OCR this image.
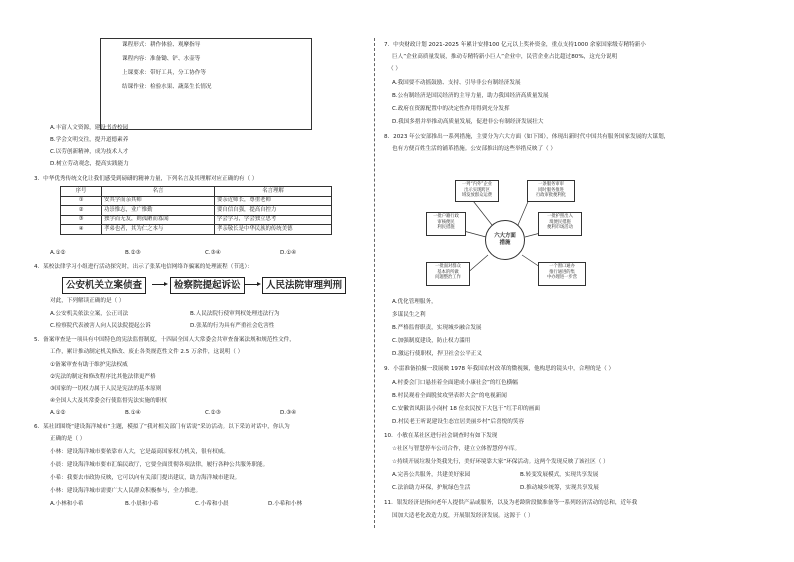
课程形式：耕作体验、观摩指导
课程内容：准备锄、铲、水壶等
上课要求：带好工具，分工协作等
结课作业：检验水果、蔬菜生长情况
A.丰富人文资源，建设书香校园
B.学会文明交往，提升道德素养
C.以劳创新精神，成为技术人才
D.树立劳动观念，提高实践能力
3．中华优秀传统文化让我们感受到磅礴的精神力量，下列名言及其理解对应正确的有（ ）
序号	名言	名言理解
①	安其学而亲其师	要亲近师长，尊重老师
②	功崇惟志，业广惟勤	要自信自强，提高自控力
③	独学而无友，则孤陋而寡闻	学会学习，学会独立思考
④	孝弟也者，其为仁之本与	孝亲敬长是中华民族的传统美德
A.①②	B.②③	C.③④	D.①④
4．某校法律学习小组进行活动探究时，出示了张某电信网络诈骗案的处理流程（节选）：
公安机关立案侦查	检察院提起诉讼	人民法院审理判刑
对此，下列解读正确的是（ ）
A.公安机关依法立案，公正司法	B.人民法院行使审判权处理违法行为
C.检察院代表被害人向人民法院提起公诉	D.张某的行为具有严重社会危害性
5．备案审查是一项具有中国特色的宪法监督制度，十四届全国人大常委会共审查备案法规和规范性文件，
工作，累计推动制定机关修改、废止各类规范性文件 2.5 万余件，这说明（ ）
①备案审查有助于维护宪法权威
②宪法的制定和修改程序比其他法律更严格
③国家的一切权力属于人民是宪法的基本原则
④全国人大及其常委会行使监督宪法实施的职权
A.①②	B.①④	C.②③	D.③④
6．某社团围绕“建设海洋城市”主题，模拟了“我对相关部门有话说”采访活动。以下采访对话中，你认为
正确的是（ ）
小林：建设海洋城市要依靠市人大，它是最高国家权力机关，很有权威。
小晨：建设海洋城市要市汇编民政厅，它要全面贯彻各项法律，履行各种公共服务职能。
小希：我要去市政协反映，它可以向有关部门提出建议，助力海洋城市建设。
小林：建设海洋城市需要广大人民群众积极参与，全力推进。
A.小林和小希	B.小晨和小希	C.小希和小晨	D.小希和小林
7．中央财政计划 2021-2025 年累计安排100 亿元以上奖补资金，重点支持1000 余家国家级专精特新小
巨人”企业高质量发展，推动专精特新小巨人”企业中，民营企业占比超过80%，这充分说明
（ ）
A.我国要不动摇鼓励、支持、引导非公有制经济发展
B.公有制经济是国民经济的主导力量，助力我国经济高质量发展
C.政府在资源配置中的决定性作用得到充分发挥
D.我国多措并举推动高质量发展，促进非公有制经济发展壮大
8．2023 年公安部推出一系列措施，主要分为六大方面（如下图），体现出新时代中国共有服务国家发展的大谋划，
也有方便百姓生活的铺革措施。公安部推出的这些举措反映了（ ）
六大方面
措施
一列“内外”企业
出示实现跨区
域发放群众运费
一条服务审审
同时服务推进
行政审批便利化
一批户籍行政
审核便民
利民措施
一批护照出入
境便民措施
便利市场活动
一批面对群众
基本的所做
问题整治工作
一个窗口通办
推行通进的集
中办理进一步营
A.优化管理服务，
多谋民生之利
B.严格监督职责，实现城乡融合发展
C.加强制度建设，防止权力滥用
D.激运行使职权，捍卫社会公平正义
9．小雷准备拍摄一段展映 1978 年我国农村改革的微视频，他构思的镜头中，合理的是（ ）
A.村委会门口悬挂着全面建成小康社会”的红色横幅
B.村民观看全面脱贫攻坚表彰大会”的电视新闻
C.安徽省凤阳县小岗村 18 位农民按下大包干”红手印的画面
D.村民老王听说建设生态宜居美丽乡村”后喜悦的笑容
10．小敏在某社区进行社会调查时有如下发现
☆社区与智慧停车公司合作，建立立体智慧停车库。
☆持续开展垃圾分类我先行，美好环境靠大家”环保活动。这两个发现反映了该社区（ ）
A.完善公共服务，共建美好家园	B.转变发展模式，实现共享发展
C.法治助力环保，护航绿色生活	D.推动城乡统筹，实现共享发展
11．银发经济是指向老年人提供产品或服务，以及为老龄阶段做准备等一系列经济活动的总和，近年我
国加大适老化改造力度，开展银发经济发展。这源于（ ）
